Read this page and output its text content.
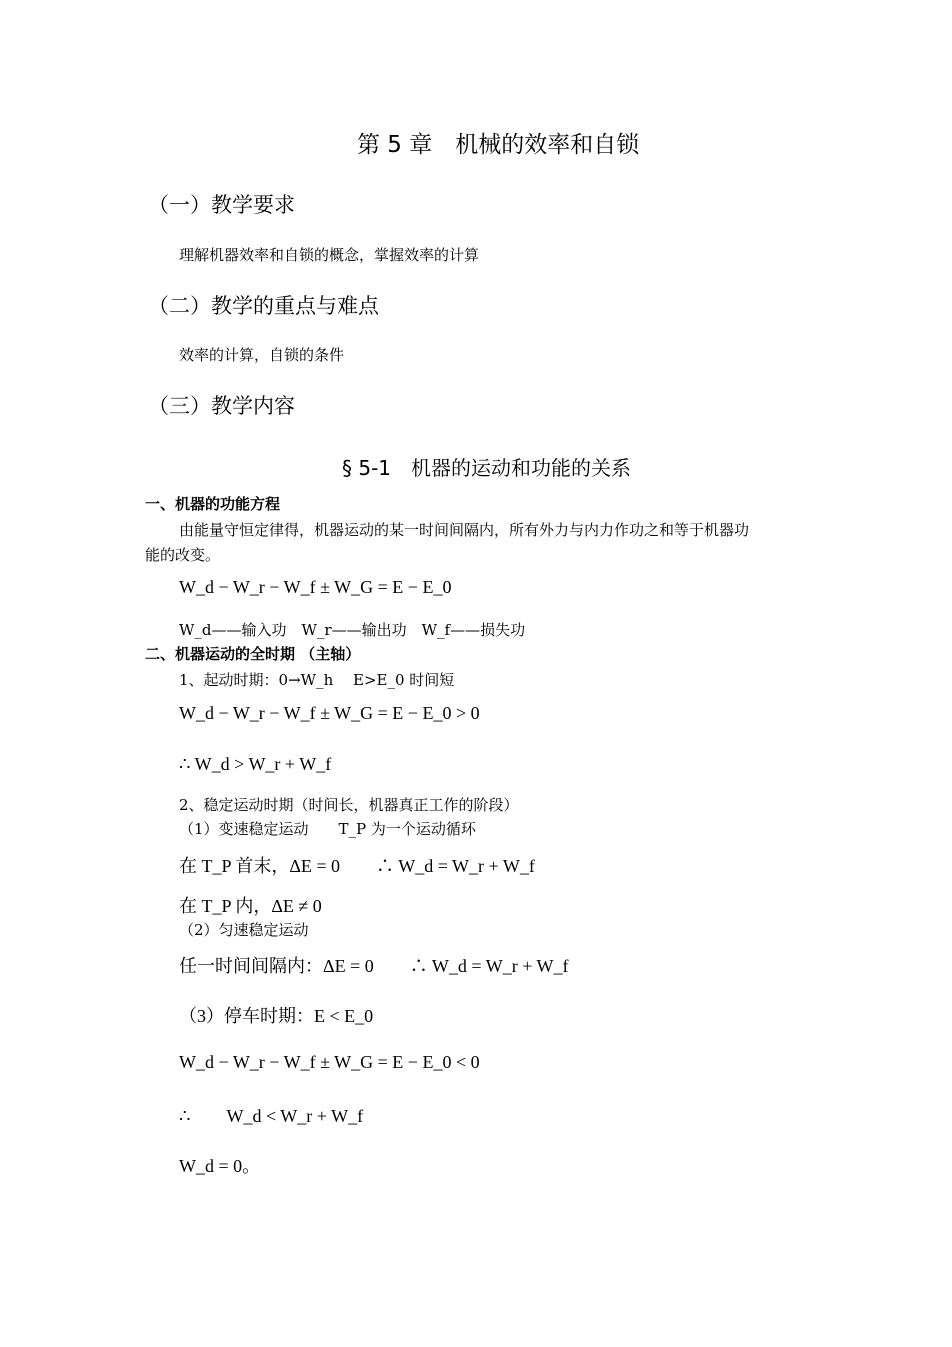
第 5 章　机械的效率和自锁
（一）教学要求
理解机器效率和自锁的概念，掌握效率的计算
（二）教学的重点与难点
效率的计算，自锁的条件
（三）教学内容
§ 5-1　机器的运动和功能的关系
一、机器的功能方程
由能量守恒定律得，机器运动的某一时间间隔内，所有外力与内力作功之和等于机器功
能的改变。
W_d − W_r − W_f ± W_G = E − E_0
W_d——输入功　W_r——输出功　W_f——损失功
二、机器运动的全时期 （主轴）
1、起动时期：0→W_h　 E>E_0 时间短
W_d − W_r − W_f ± W_G = E − E_0 > 0
∴ W_d > W_r + W_f
2、稳定运动时期（时间长，机器真正工作的阶段）
（1）变速稳定运动　　T_P 为一个运动循环
在 T_P 首末，ΔE = 0　　∴ W_d = W_r + W_f
在 T_P 内，ΔE ≠ 0
（2）匀速稳定运动
任一时间间隔内：ΔE = 0　　∴ W_d = W_r + W_f
（3）停车时期：E < E_0
W_d − W_r − W_f ± W_G = E − E_0 < 0
∴　　W_d < W_r + W_f
W_d = 0。
